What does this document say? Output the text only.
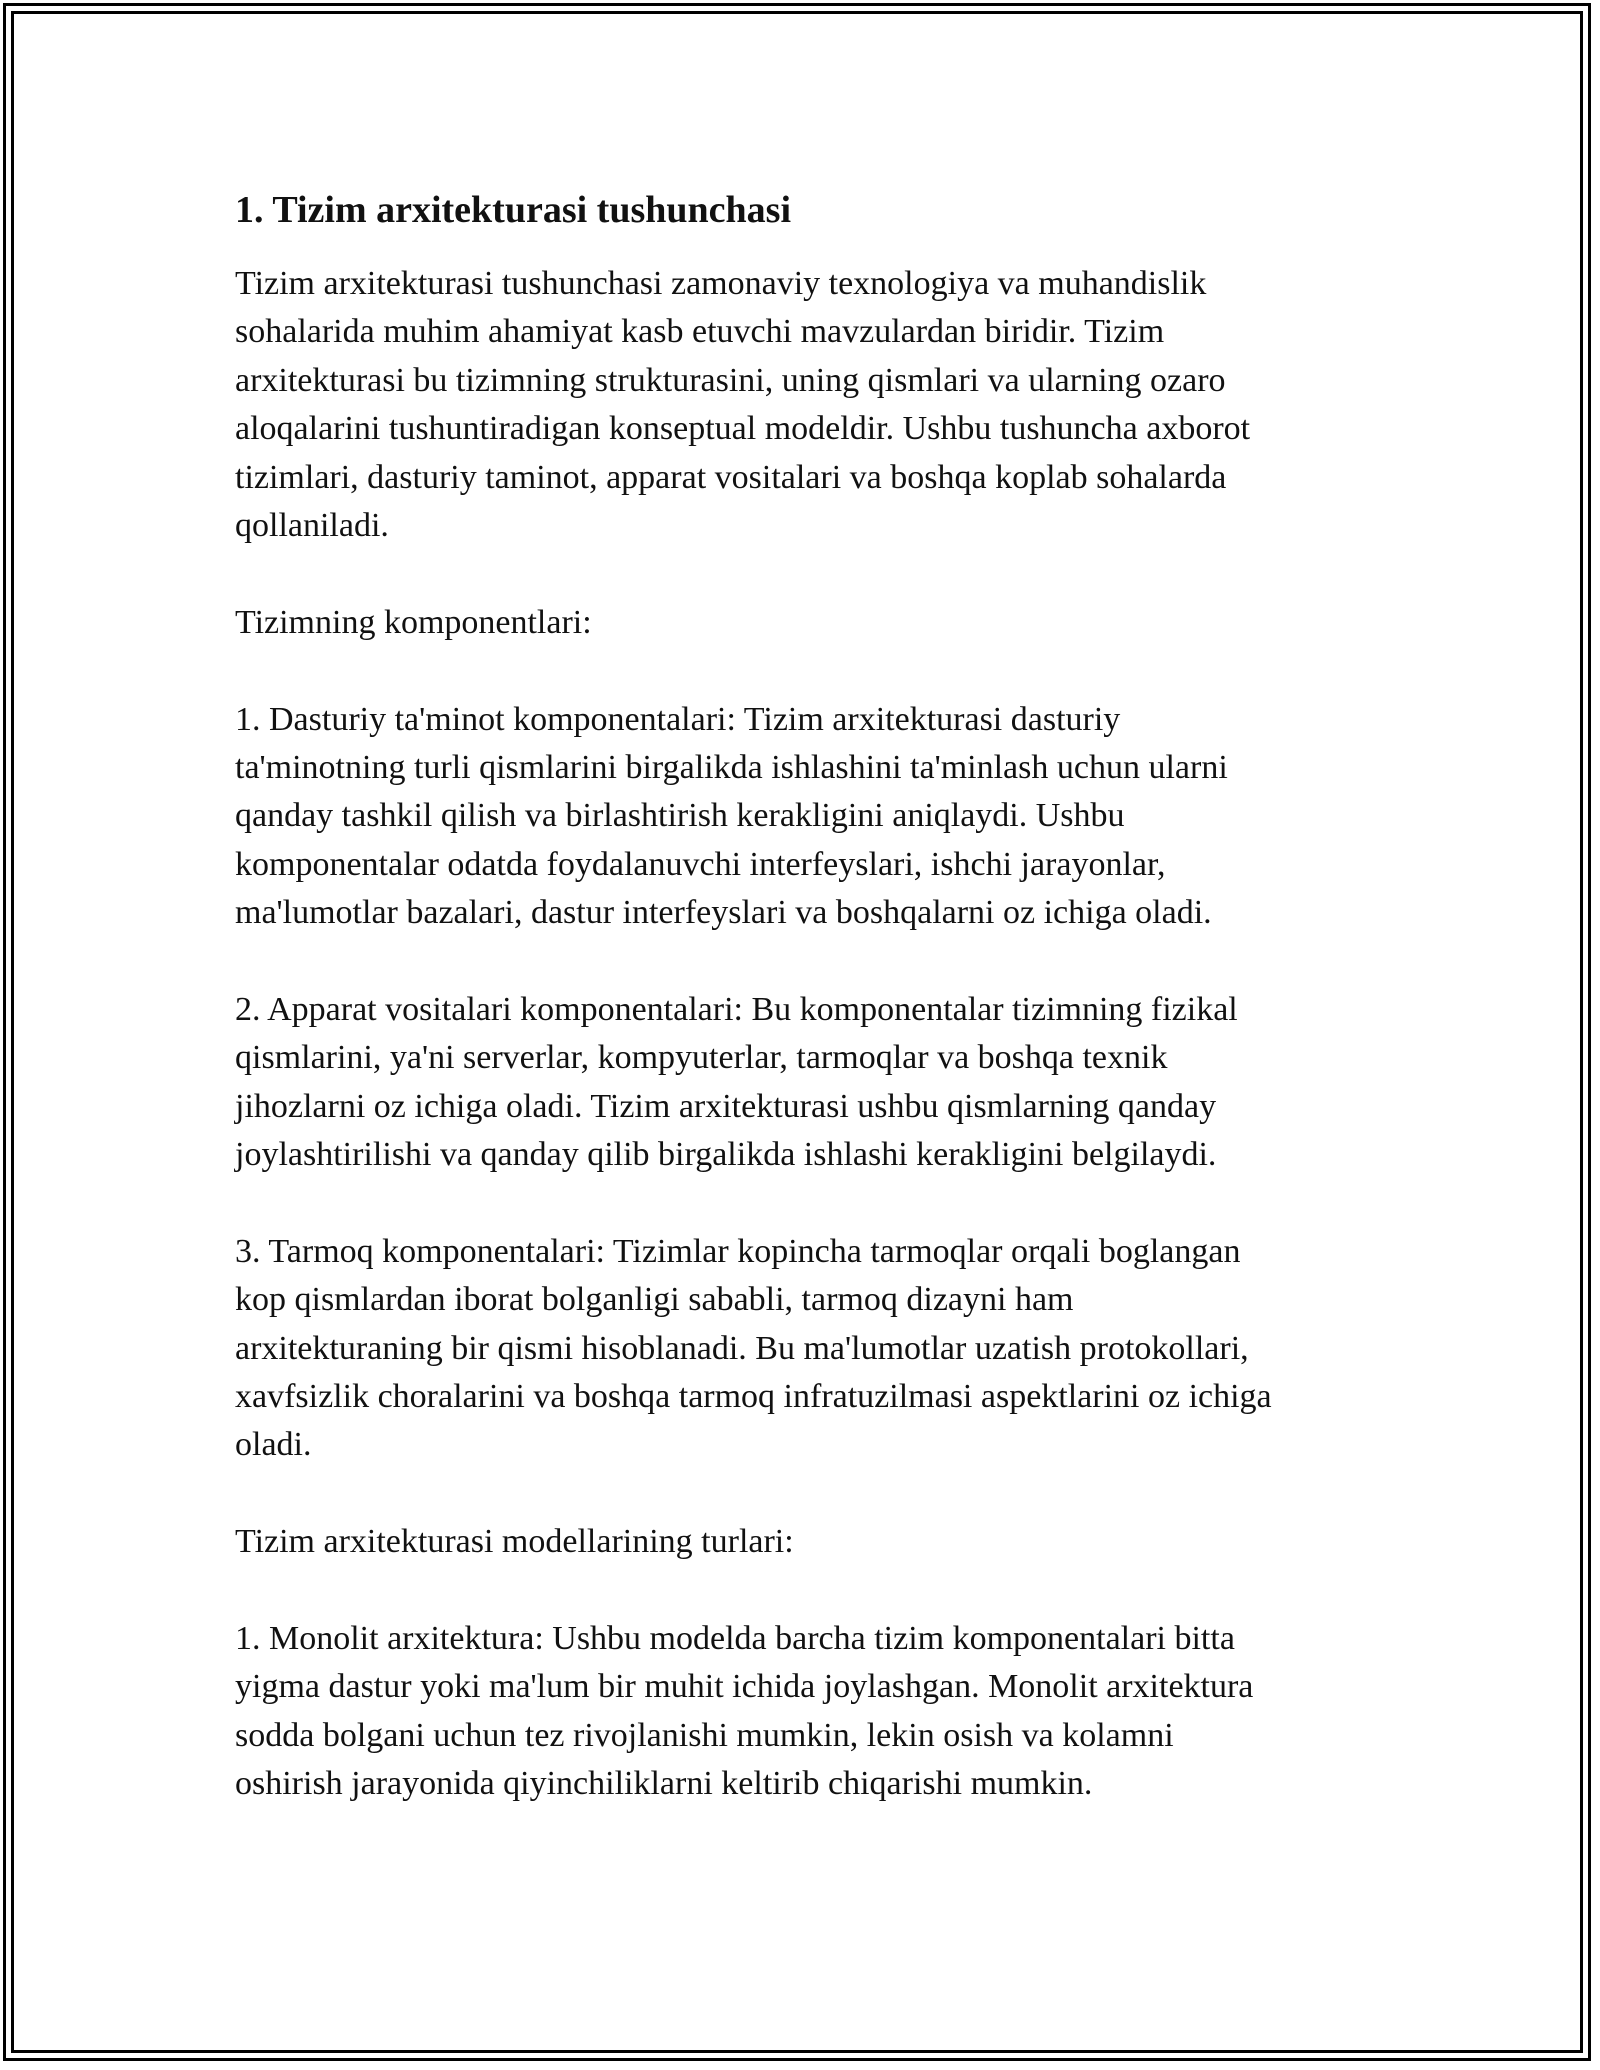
1. Tizim arxitekturasi tushunchasi
Tizim arxitekturasi tushunchasi zamonaviy texnologiya va muhandislik
sohalarida muhim ahamiyat kasb etuvchi mavzulardan biridir. Tizim
arxitekturasi bu tizimning strukturasini, uning qismlari va ularning ozaro
aloqalarini tushuntiradigan konseptual modeldir. Ushbu tushuncha axborot
tizimlari, dasturiy taminot, apparat vositalari va boshqa koplab sohalarda
qollaniladi.
Tizimning komponentlari:
1. Dasturiy ta'minot komponentalari: Tizim arxitekturasi dasturiy
ta'minotning turli qismlarini birgalikda ishlashini ta'minlash uchun ularni
qanday tashkil qilish va birlashtirish kerakligini aniqlaydi. Ushbu
komponentalar odatda foydalanuvchi interfeyslari, ishchi jarayonlar,
ma'lumotlar bazalari, dastur interfeyslari va boshqalarni oz ichiga oladi.
2. Apparat vositalari komponentalari: Bu komponentalar tizimning fizikal
qismlarini, ya'ni serverlar, kompyuterlar, tarmoqlar va boshqa texnik
jihozlarni oz ichiga oladi. Tizim arxitekturasi ushbu qismlarning qanday
joylashtirilishi va qanday qilib birgalikda ishlashi kerakligini belgilaydi.
3. Tarmoq komponentalari: Tizimlar kopincha tarmoqlar orqali boglangan
kop qismlardan iborat bolganligi sababli, tarmoq dizayni ham
arxitekturaning bir qismi hisoblanadi. Bu ma'lumotlar uzatish protokollari,
xavfsizlik choralarini va boshqa tarmoq infratuzilmasi aspektlarini oz ichiga
oladi.
Tizim arxitekturasi modellarining turlari:
1. Monolit arxitektura: Ushbu modelda barcha tizim komponentalari bitta
yigma dastur yoki ma'lum bir muhit ichida joylashgan. Monolit arxitektura
sodda bolgani uchun tez rivojlanishi mumkin, lekin osish va kolamni
oshirish jarayonida qiyinchiliklarni keltirib chiqarishi mumkin.
